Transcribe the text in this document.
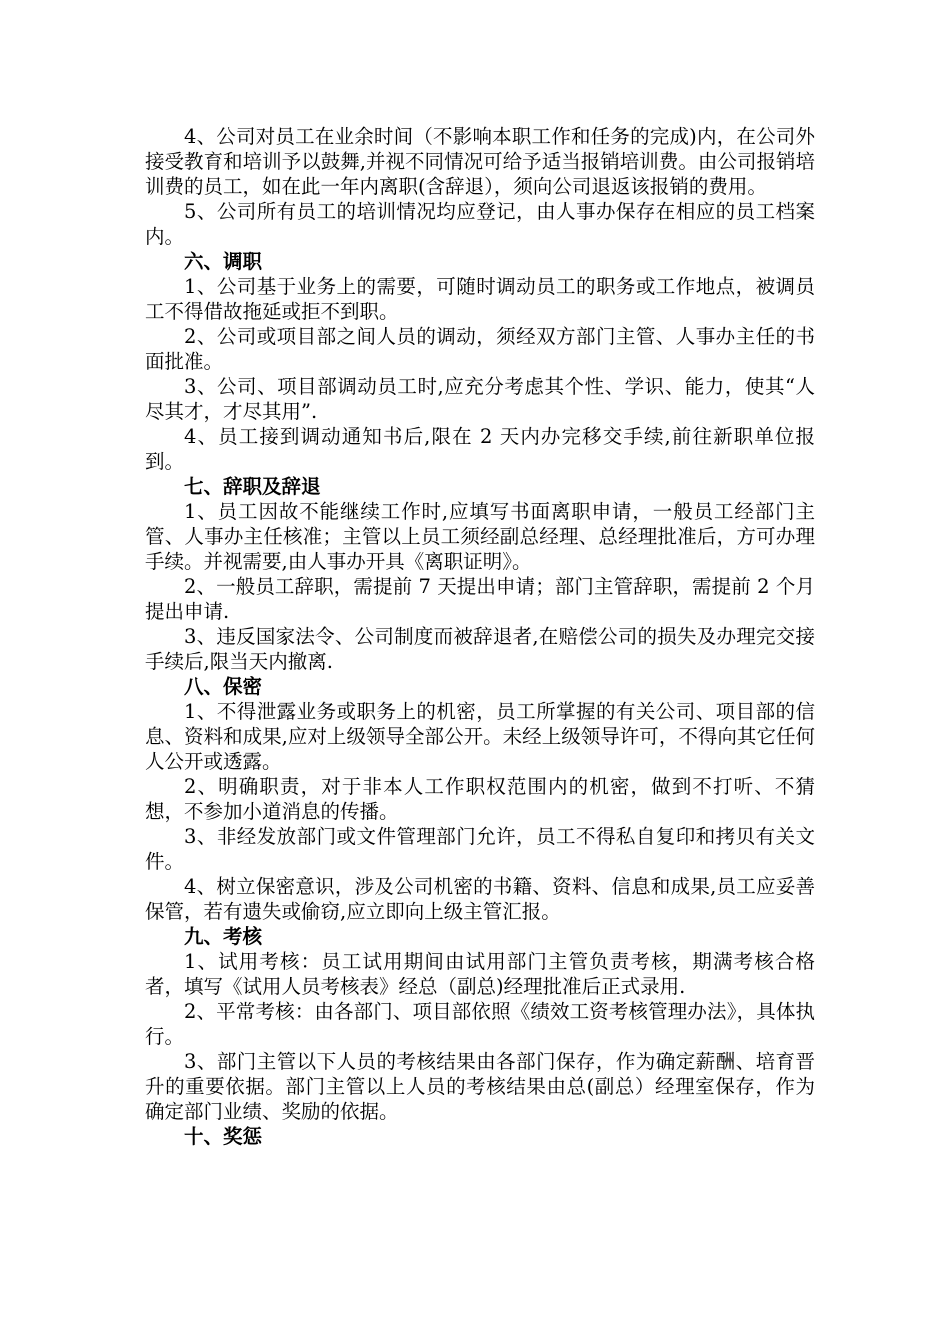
4、公司对员工在业余时间（不影响本职工作和任务的完成)内，在公司外接受教育和培训予以鼓舞,并视不同情况可给予适当报销培训费。由公司报销培训费的员工，如在此一年内离职(含辞退），须向公司退返该报销的费用。

5、公司所有员工的培训情况均应登记，由人事办保存在相应的员工档案内。

六、调职

1、公司基于业务上的需要，可随时调动员工的职务或工作地点，被调员工不得借故拖延或拒不到职。

2、公司或项目部之间人员的调动，须经双方部门主管、人事办主任的书面批准。

3、公司、项目部调动员工时,应充分考虑其个性、学识、能力，使其“人尽其才，才尽其用”.

4、员工接到调动通知书后,限在 2 天内办完移交手续,前往新职单位报到。

七、辞职及辞退

1、员工因故不能继续工作时,应填写书面离职申请，一般员工经部门主管、人事办主任核准；主管以上员工须经副总经理、总经理批准后，方可办理手续。并视需要,由人事办开具《离职证明》。

2、一般员工辞职，需提前 7 天提出申请；部门主管辞职，需提前 2 个月提出申请.

3、违反国家法令、公司制度而被辞退者,在赔偿公司的损失及办理完交接手续后,限当天内撤离.

八、保密

1、不得泄露业务或职务上的机密，员工所掌握的有关公司、项目部的信息、资料和成果,应对上级领导全部公开。未经上级领导许可，不得向其它任何人公开或透露。

2、明确职责，对于非本人工作职权范围内的机密，做到不打听、不猜想，不参加小道消息的传播。

3、非经发放部门或文件管理部门允许，员工不得私自复印和拷贝有关文件。

4、树立保密意识，涉及公司机密的书籍、资料、信息和成果,员工应妥善保管，若有遗失或偷窃,应立即向上级主管汇报。

九、考核

1、试用考核：员工试用期间由试用部门主管负责考核，期满考核合格者，填写《试用人员考核表》经总（副总)经理批准后正式录用.

2、平常考核：由各部门、项目部依照《绩效工资考核管理办法》，具体执行。

3、部门主管以下人员的考核结果由各部门保存，作为确定薪酬、培育晋升的重要依据。部门主管以上人员的考核结果由总(副总）经理室保存，作为确定部门业绩、奖励的依据。

十、奖惩
